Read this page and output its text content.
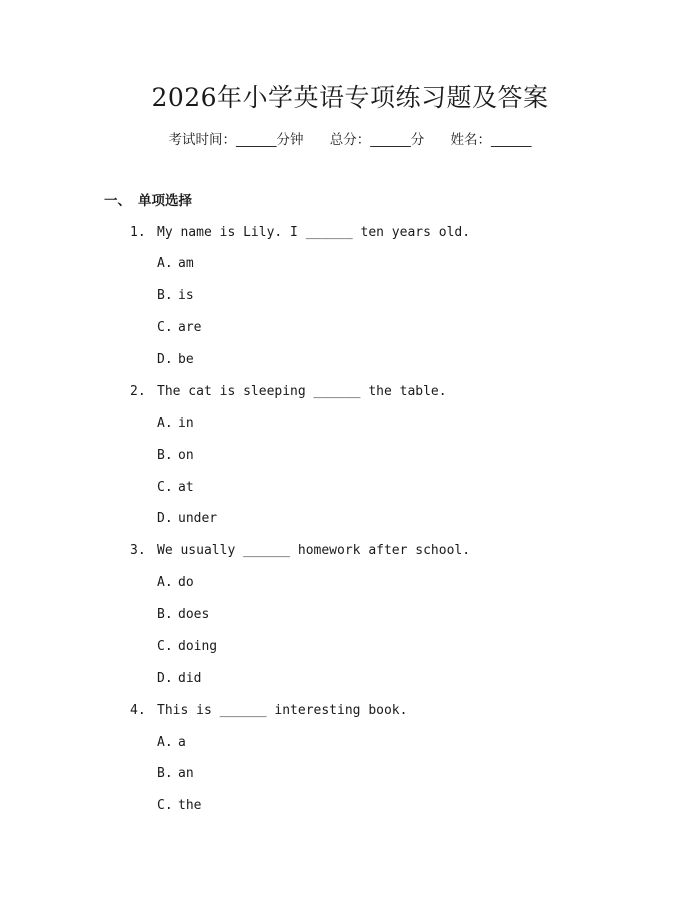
2026年小学英语专项练习题及答案
考试时间：______分钟 总分：______分 姓名：______
一、 单项选择
1. My name is Lily. I ______ ten years old.
A. am
B. is
C. are
D. be
2. The cat is sleeping ______ the table.
A. in
B. on
C. at
D. under
3. We usually ______ homework after school.
A. do
B. does
C. doing
D. did
4. This is ______ interesting book.
A. a
B. an
C. the
